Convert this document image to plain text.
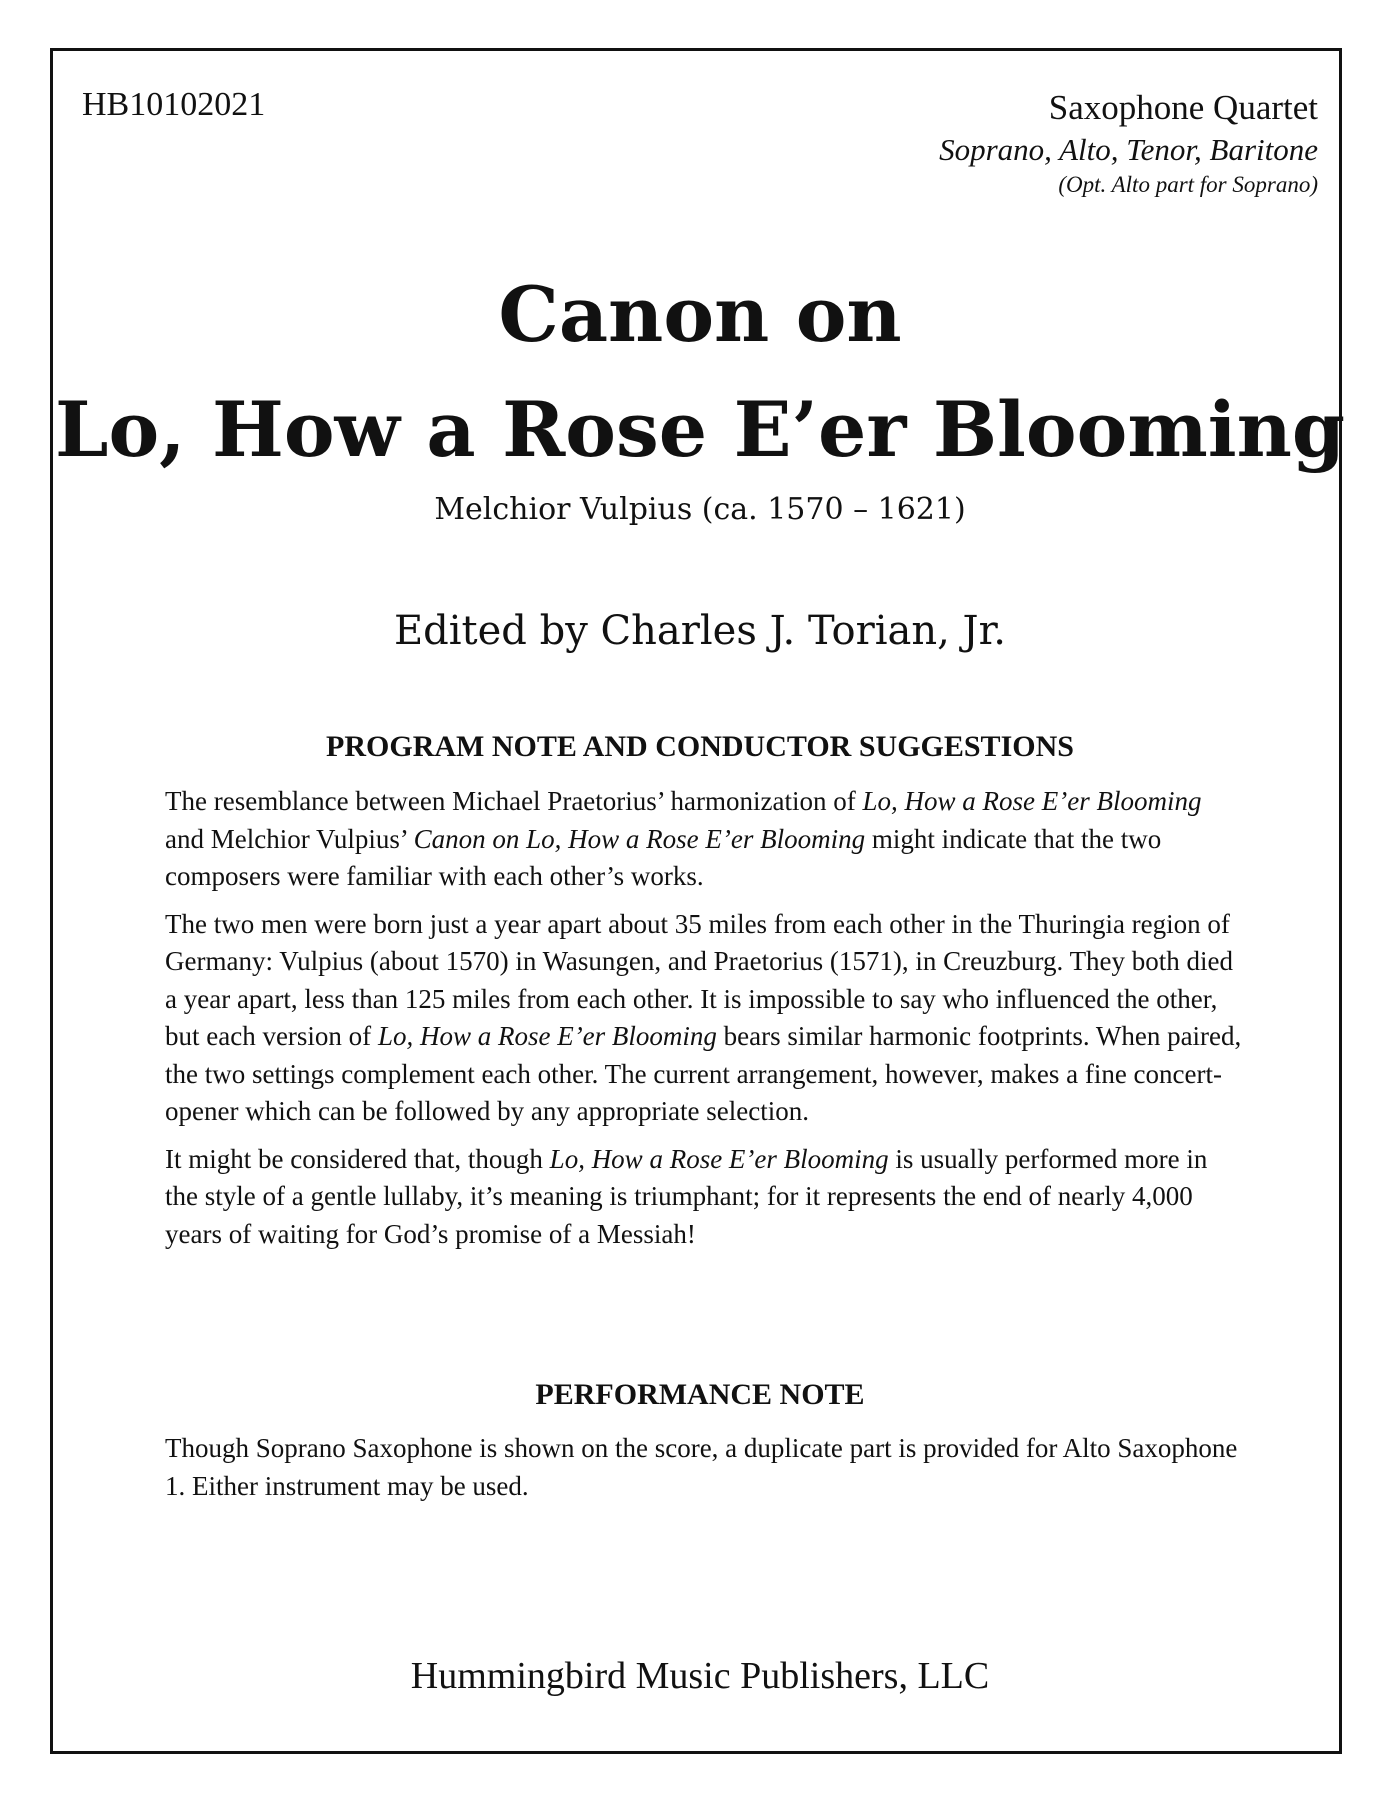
HB10102021	Saxophone Quartet
Soprano, Alto, Tenor, Baritone
(Opt. Alto part for Soprano)
Canon on
Lo, How a Rose E’er Blooming
Melchior Vulpius (ca. 1570 – 1621)
Edited by Charles J. Torian, Jr.
PROGRAM NOTE AND CONDUCTOR SUGGESTIONS

The resemblance between Michael Praetorius’ harmonization of Lo, How a Rose E’er Blooming and Melchior Vulpius’ Canon on Lo, How a Rose E’er Blooming might indicate that the two composers were familiar with each other’s works.

The two men were born just a year apart about 35 miles from each other in the Thuringia region of Germany: Vulpius (about 1570) in Wasungen, and Praetorius (1571), in Creuzburg. They both died a year apart, less than 125 miles from each other. It is impossible to say who influenced the other, but each version of Lo, How a Rose E’er Blooming bears similar harmonic footprints. When paired, the two settings complement each other. The current arrangement, however, makes a fine concert-opener which can be followed by any appropriate selection.

It might be considered that, though Lo, How a Rose E’er Blooming is usually performed more in the style of a gentle lullaby, it’s meaning is triumphant; for it represents the end of nearly 4,000 years of waiting for God’s promise of a Messiah!

PERFORMANCE NOTE

Though Soprano Saxophone is shown on the score, a duplicate part is provided for Alto Saxophone 1. Either instrument may be used.

Hummingbird Music Publishers, LLC
